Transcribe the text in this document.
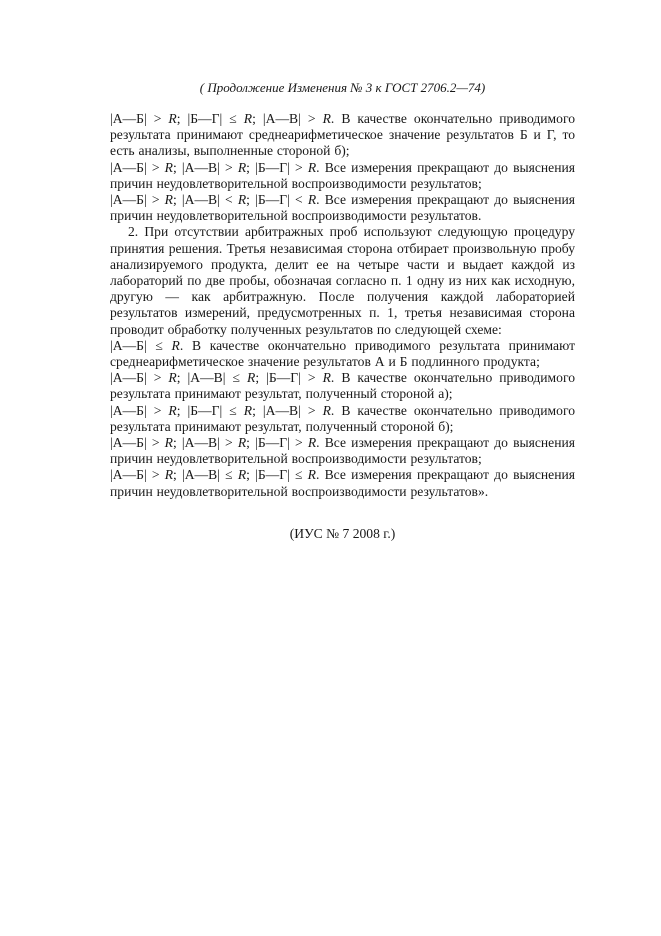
( Продолжение Изменения № 3 к ГОСТ 2706.2—74)

|А—Б| > R; |Б—Г| ≤ R; |А—В| > R. В качестве окончательно приводимого результата принимают среднеарифметическое значение результатов Б и Г, то есть анализы, выполненные стороной б);

|А—Б| > R; |А—В| > R; |Б—Г| > R. Все измерения прекращают до выяснения причин неудовлетворительной воспроизводимости результатов;

|А—Б| > R; |А—В| < R; |Б—Г| < R. Все измерения прекращают до выяснения причин неудовлетворительной воспроизводимости результатов.

2. При отсутствии арбитражных проб используют следующую процедуру принятия решения. Третья независимая сторона отбирает произвольную пробу анализируемого продукта, делит ее на четыре части и выдает каждой из лабораторий по две пробы, обозначая согласно п. 1 одну из них как исходную, другую — как арбитражную. После получения каждой лабораторией результатов измерений, предусмотренных п. 1, третья независимая сторона проводит обработку полученных результатов по следующей схеме:

|А—Б| ≤ R. В качестве окончательно приводимого результата принимают среднеарифметическое значение результатов А и Б подлинного продукта;

|А—Б| > R; |А—В| ≤ R; |Б—Г| > R. В качестве окончательно приводимого результата принимают результат, полученный стороной а);

|А—Б| > R; |Б—Г| ≤ R; |А—В| > R. В качестве окончательно приводимого результата принимают результат, полученный стороной б);

|А—Б| > R; |А—В| > R; |Б—Г| > R. Все измерения прекращают до выяснения причин неудовлетворительной воспроизводимости результатов;

|А—Б| > R; |А—В| ≤ R; |Б—Г| ≤ R. Все измерения прекращают до выяснения причин неудовлетворительной воспроизводимости результатов».

(ИУС № 7 2008 г.)
